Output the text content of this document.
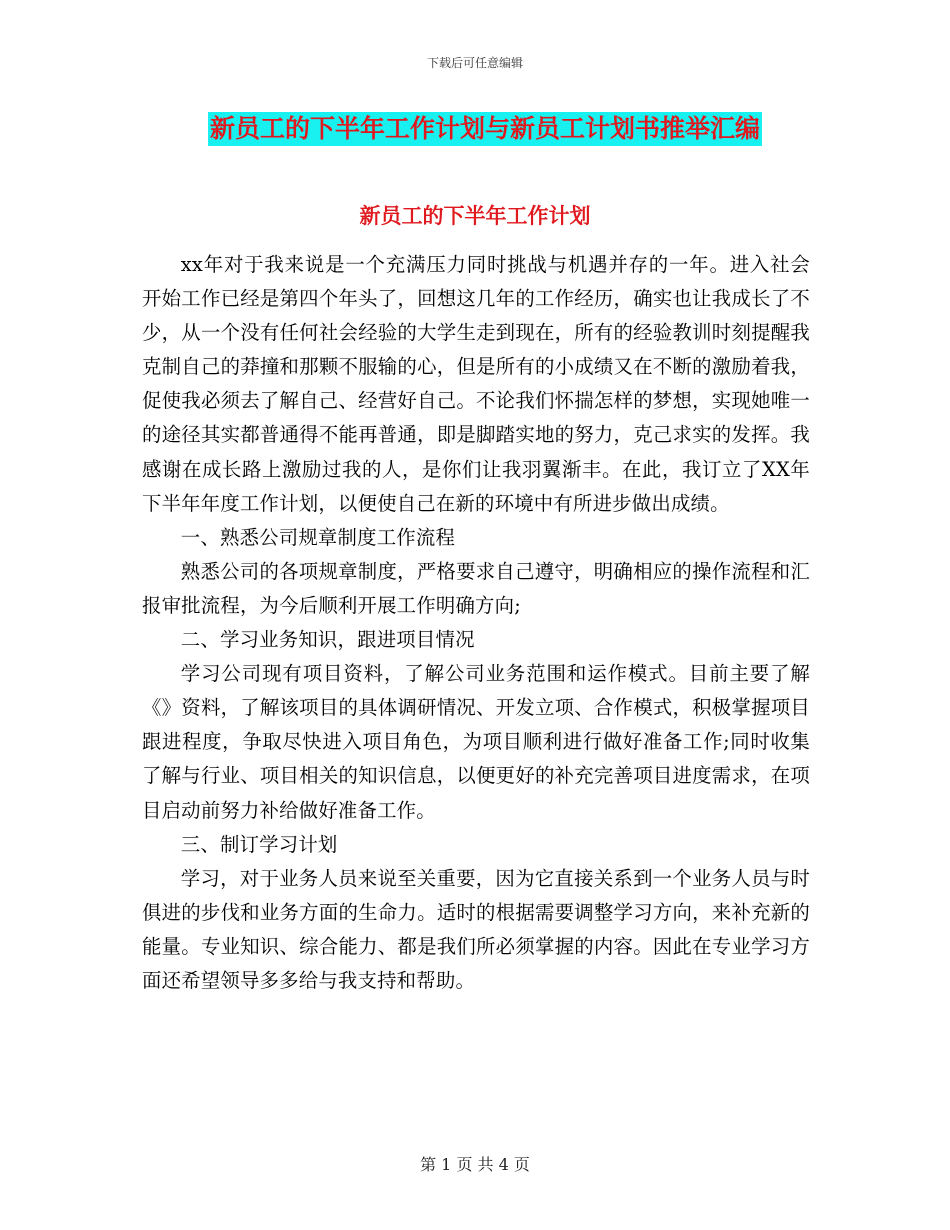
下载后可任意编辑
新员工的下半年工作计划与新员工计划书推举汇编
新员工的下半年工作计划

xx年对于我来说是一个充满压力同时挑战与机遇并存的一年。进入社会开始工作已经是第四个年头了，回想这几年的工作经历，确实也让我成长了不少，从一个没有任何社会经验的大学生走到现在，所有的经验教训时刻提醒我克制自己的莽撞和那颗不服输的心，但是所有的小成绩又在不断的激励着我，促使我必须去了解自己、经营好自己。不论我们怀揣怎样的梦想，实现她唯一的途径其实都普通得不能再普通，即是脚踏实地的努力，克己求实的发挥。我感谢在成长路上激励过我的人，是你们让我羽翼渐丰。在此，我订立了XX年下半年年度工作计划，以便使自己在新的环境中有所进步做出成绩。

一、熟悉公司规章制度工作流程

熟悉公司的各项规章制度，严格要求自己遵守，明确相应的操作流程和汇报审批流程，为今后顺利开展工作明确方向;

二、学习业务知识，跟进项目情况

学习公司现有项目资料，了解公司业务范围和运作模式。目前主要了解《》资料，了解该项目的具体调研情况、开发立项、合作模式，积极掌握项目跟进程度，争取尽快进入项目角色，为项目顺利进行做好准备工作;同时收集了解与行业、项目相关的知识信息，以便更好的补充完善项目进度需求，在项目启动前努力补给做好准备工作。

三、制订学习计划

学习，对于业务人员来说至关重要，因为它直接关系到一个业务人员与时俱进的步伐和业务方面的生命力。适时的根据需要调整学习方向，来补充新的能量。专业知识、综合能力、都是我们所必须掌握的内容。因此在专业学习方面还希望领导多多给与我支持和帮助。

第 1 页 共 4 页
